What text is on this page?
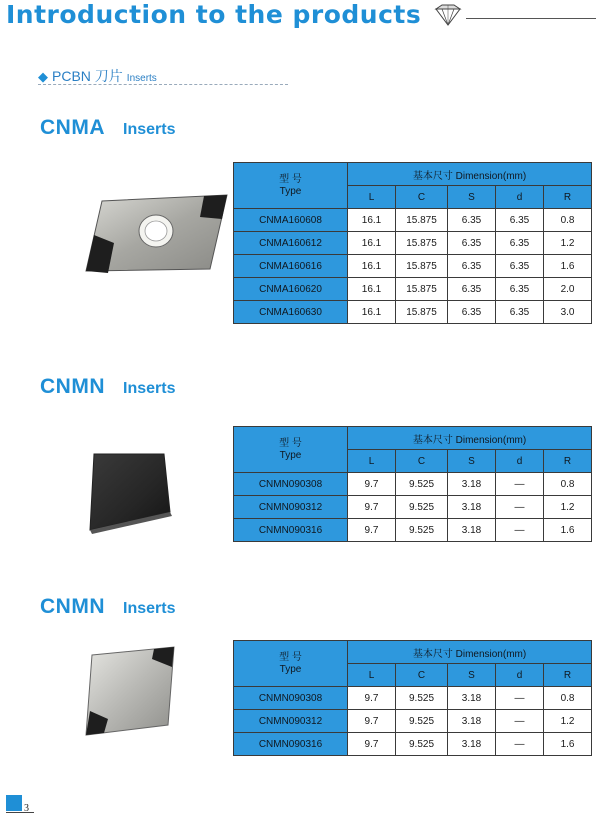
Introduction to the products
◆ PCBN 刀片 Inserts
CNMA Inserts
型 号
Type	基本尺寸 Dimension(mm)				
	L	C	S	d	R
CNMA160608	16.1	15.875	6.35	6.35	0.8
CNMA160612	16.1	15.875	6.35	6.35	1.2
CNMA160616	16.1	15.875	6.35	6.35	1.6
CNMA160620	16.1	15.875	6.35	6.35	2.0
CNMA160630	16.1	15.875	6.35	6.35	3.0
CNMN Inserts
型 号
Type	基本尺寸 Dimension(mm)				
	L	C	S	d	R
CNMN090308	9.7	9.525	3.18	—	0.8
CNMN090312	9.7	9.525	3.18	—	1.2
CNMN090316	9.7	9.525	3.18	—	1.6
CNMN Inserts
型 号
Type	基本尺寸 Dimension(mm)				
	L	C	S	d	R
CNMN090308	9.7	9.525	3.18	—	0.8
CNMN090312	9.7	9.525	3.18	—	1.2
CNMN090316	9.7	9.525	3.18	—	1.6
3
